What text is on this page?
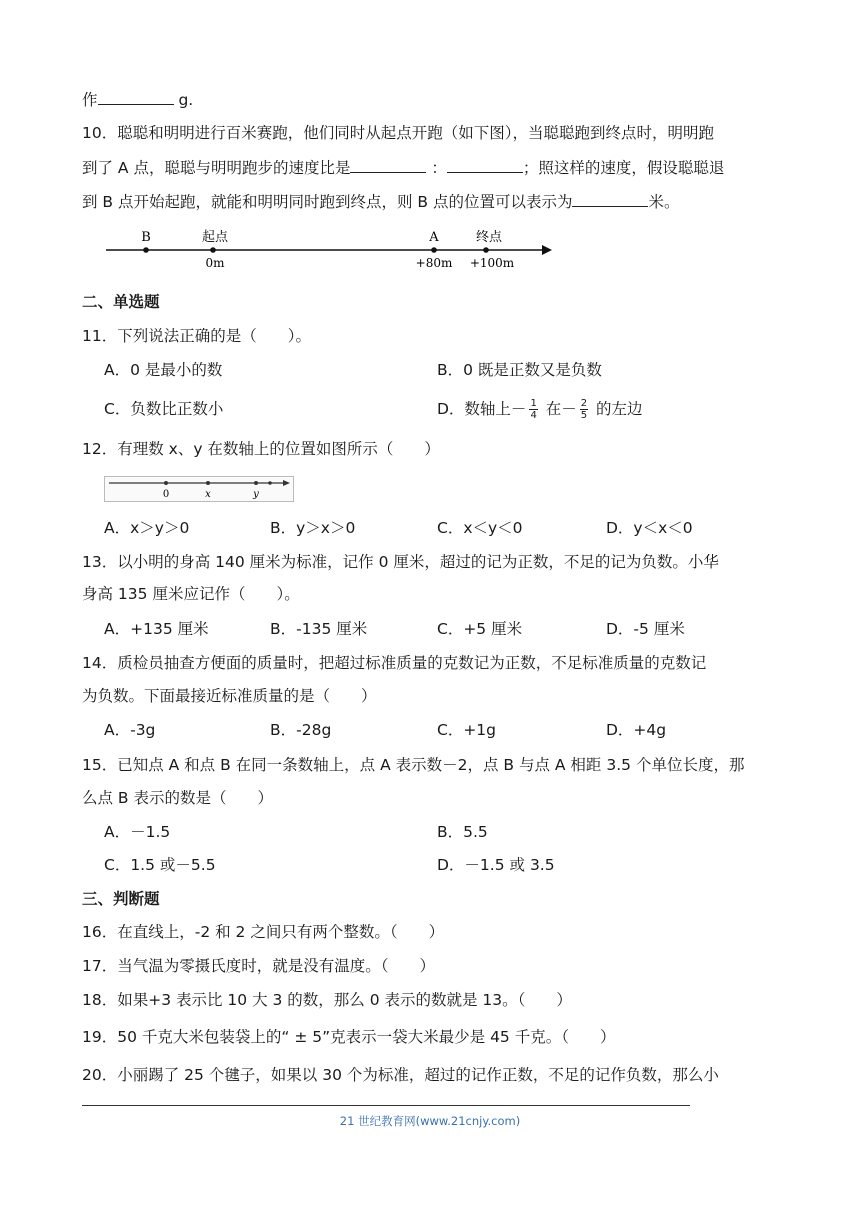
作	g.
10．聪聪和明明进行百米赛跑，他们同时从起点开跑（如下图），当聪聪跑到终点时，明明跑
到了 A 点，聪聪与明明跑步的速度比是	：	；照这样的速度，假设聪聪退
到 B 点开始起跑，就能和明明同时跑到终点，则 B 点的位置可以表示为	米。
B	起点
0m
A
+80m
终点
+100m
二、单选题
11．下列说法正确的是（　　）。
A．0 是最小的数	B．0 既是正数又是负数
C．负数比正数小	D．数轴上－ $\frac{1}{4}$ 在－ $\frac{2}{5}$ 的左边
12．有理数 x、y 在数轴上的位置如图所示（　　）
0	x	y
A．x＞y＞0	B．y＞x＞0	C．x＜y＜0	D．y＜x＜0
13．以小明的身高 140 厘米为标准，记作 0 厘米，超过的记为正数，不足的记为负数。小华
身高 135 厘米应记作（　　）。
A．+135 厘米	B．-135 厘米	C．+5 厘米	D．-5 厘米
14．质检员抽查方便面的质量时，把超过标准质量的克数记为正数，不足标准质量的克数记
为负数。下面最接近标准质量的是（　　）
A．-3g	B．-28g	C．+1g	D．+4g
15．已知点 A 和点 B 在同一条数轴上，点 A 表示数－2，点 B 与点 A 相距 3.5 个单位长度，那
么点 B 表示的数是（　　）
A．－1.5	B．5.5
C．1.5 或－5.5	D．－1.5 或 3.5
三、判断题
16．在直线上，-2 和 2 之间只有两个整数。（　　）
17．当气温为零摄氏度时，就是没有温度。（　　）
18．如果+3 表示比 10 大 3 的数，那么 0 表示的数就是 13。（　　）
19．50 千克大米包装袋上的“ ± 5”克表示一袋大米最少是 45 千克。（　　）
20．小丽踢了 25 个毽子，如果以 30 个为标准，超过的记作正数，不足的记作负数，那么小
21 世纪教育网(www.21cnjy.com)
